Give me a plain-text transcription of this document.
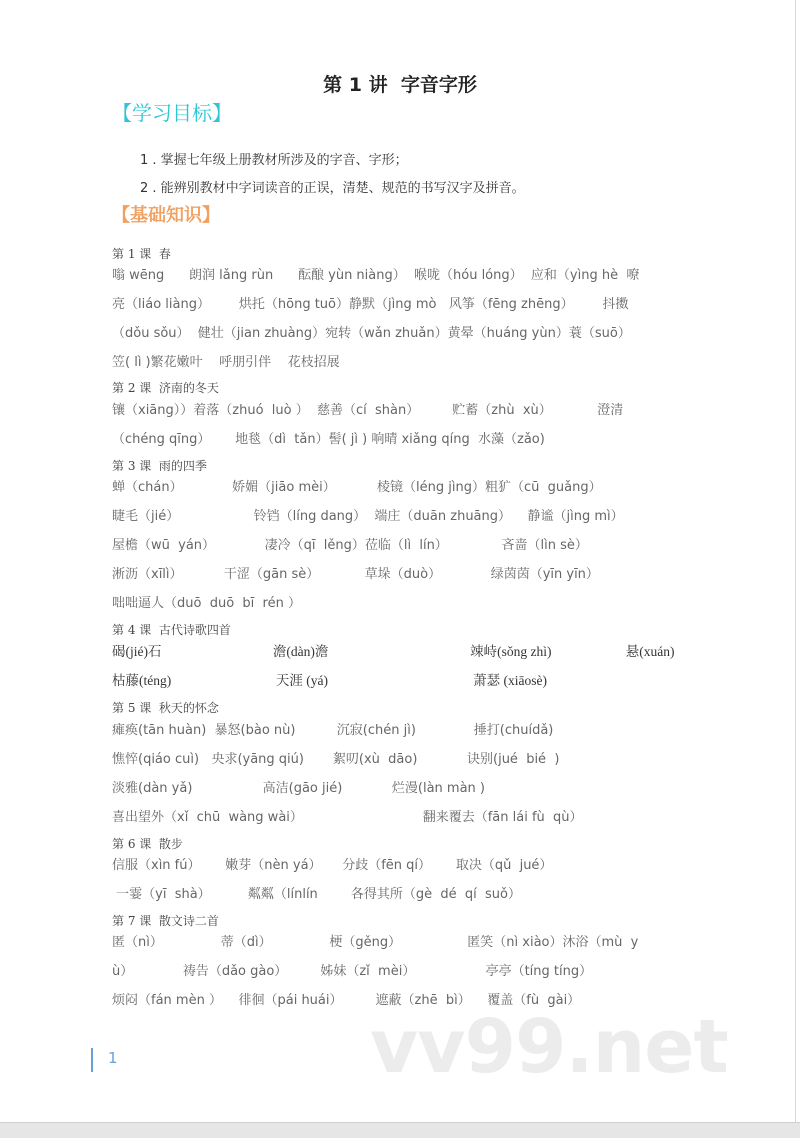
vv99.net
第 1 讲  字音字形
【学习目标】
1 . 掌握七年级上册教材所涉及的字音、字形；
2 . 能辨别教材中字词读音的正误，清楚、规范的书写汉字及拼音。
【基础知识】
第 1 课  春
嗡 wēng      朗润 lǎng rùn      酝酿 yùn niàng）  喉咙（hóu lóng）  应和（yìng hè  嘹
亮（liáo liàng）       烘托（hōng tuō）静默（jìng mò   风筝（fēng zhēng）       抖擞
（dǒu sǒu）  健壮（jian zhuàng）宛转（wǎn zhuǎn）黄晕（huáng yùn）蓑（suō）
笠( lì )繁花嫩叶    呼朋引伴    花枝招展
第 2 课  济南的冬天
镶（xiāng））着落（zhuó  luò ）  慈善（cí  shàn）        贮蓄（zhù  xù）           澄清
（chéng qīng）      地毯（dì  tǎn）髻( jì ) 响晴 xiǎng qíng  水藻（zǎo)
第 3 课  雨的四季
蝉（chán）            娇媚（jiāo mèi）          棱镜（léng jìng）粗犷（cū  guǎng）
睫毛（jié）                  铃铛（líng dang）  端庄（duān zhuāng）    静谧（jìng mì）
屋檐（wū  yán）            凄冷（qī  lěng）莅临（lì  lín）             吝啬（lìn sè）
淅沥（xīlì）          干涩（gān sè）           草垛（duò）            绿茵茵（yīn yīn）
咄咄逼人（duō  duō  bī  rén ）
第 4 课  古代诗歌四首
碣(jié)石                                 澹(dàn)澹                                          竦峙(sǒng zhì)                      悬(xuán)
枯藤(téng)                               天涯 (yá)                                           萧瑟 (xiāosè)
第 5 课  秋天的怀念
瘫痪(tān huàn)  暴怒(bào nù)          沉寂(chén jì)              捶打(chuídǎ)
憔悴(qiáo cuì)   央求(yāng qiú)       絮叨(xù  dāo)            诀别(jué  bié  )
淡雅(dàn yǎ)                 高洁(gāo jié)            烂漫(làn màn )
喜出望外（xǐ  chū  wàng wài）                             翻来覆去（fān lái fù  qù）
第 6 课  散步
信服（xìn fú）      嫩芽（nèn yá）     分歧（fēn qí）      取决（qǔ  jué）
一霎（yī  shà）         粼粼（línlín        各得其所（gè  dé  qí  suǒ）
第 7 课  散文诗二首
匿（nì）              蒂（dì）              梗（gěng）                匿笑（nì xiào）沐浴（mù  y
ù）            祷告（dǎo gào）        姊妹（zǐ  mèi）                 亭亭（tíng tíng）
烦闷（fán mèn ）    徘徊（pái huái）        遮蔽（zhē  bì）    覆盖（fù  gài）
1
